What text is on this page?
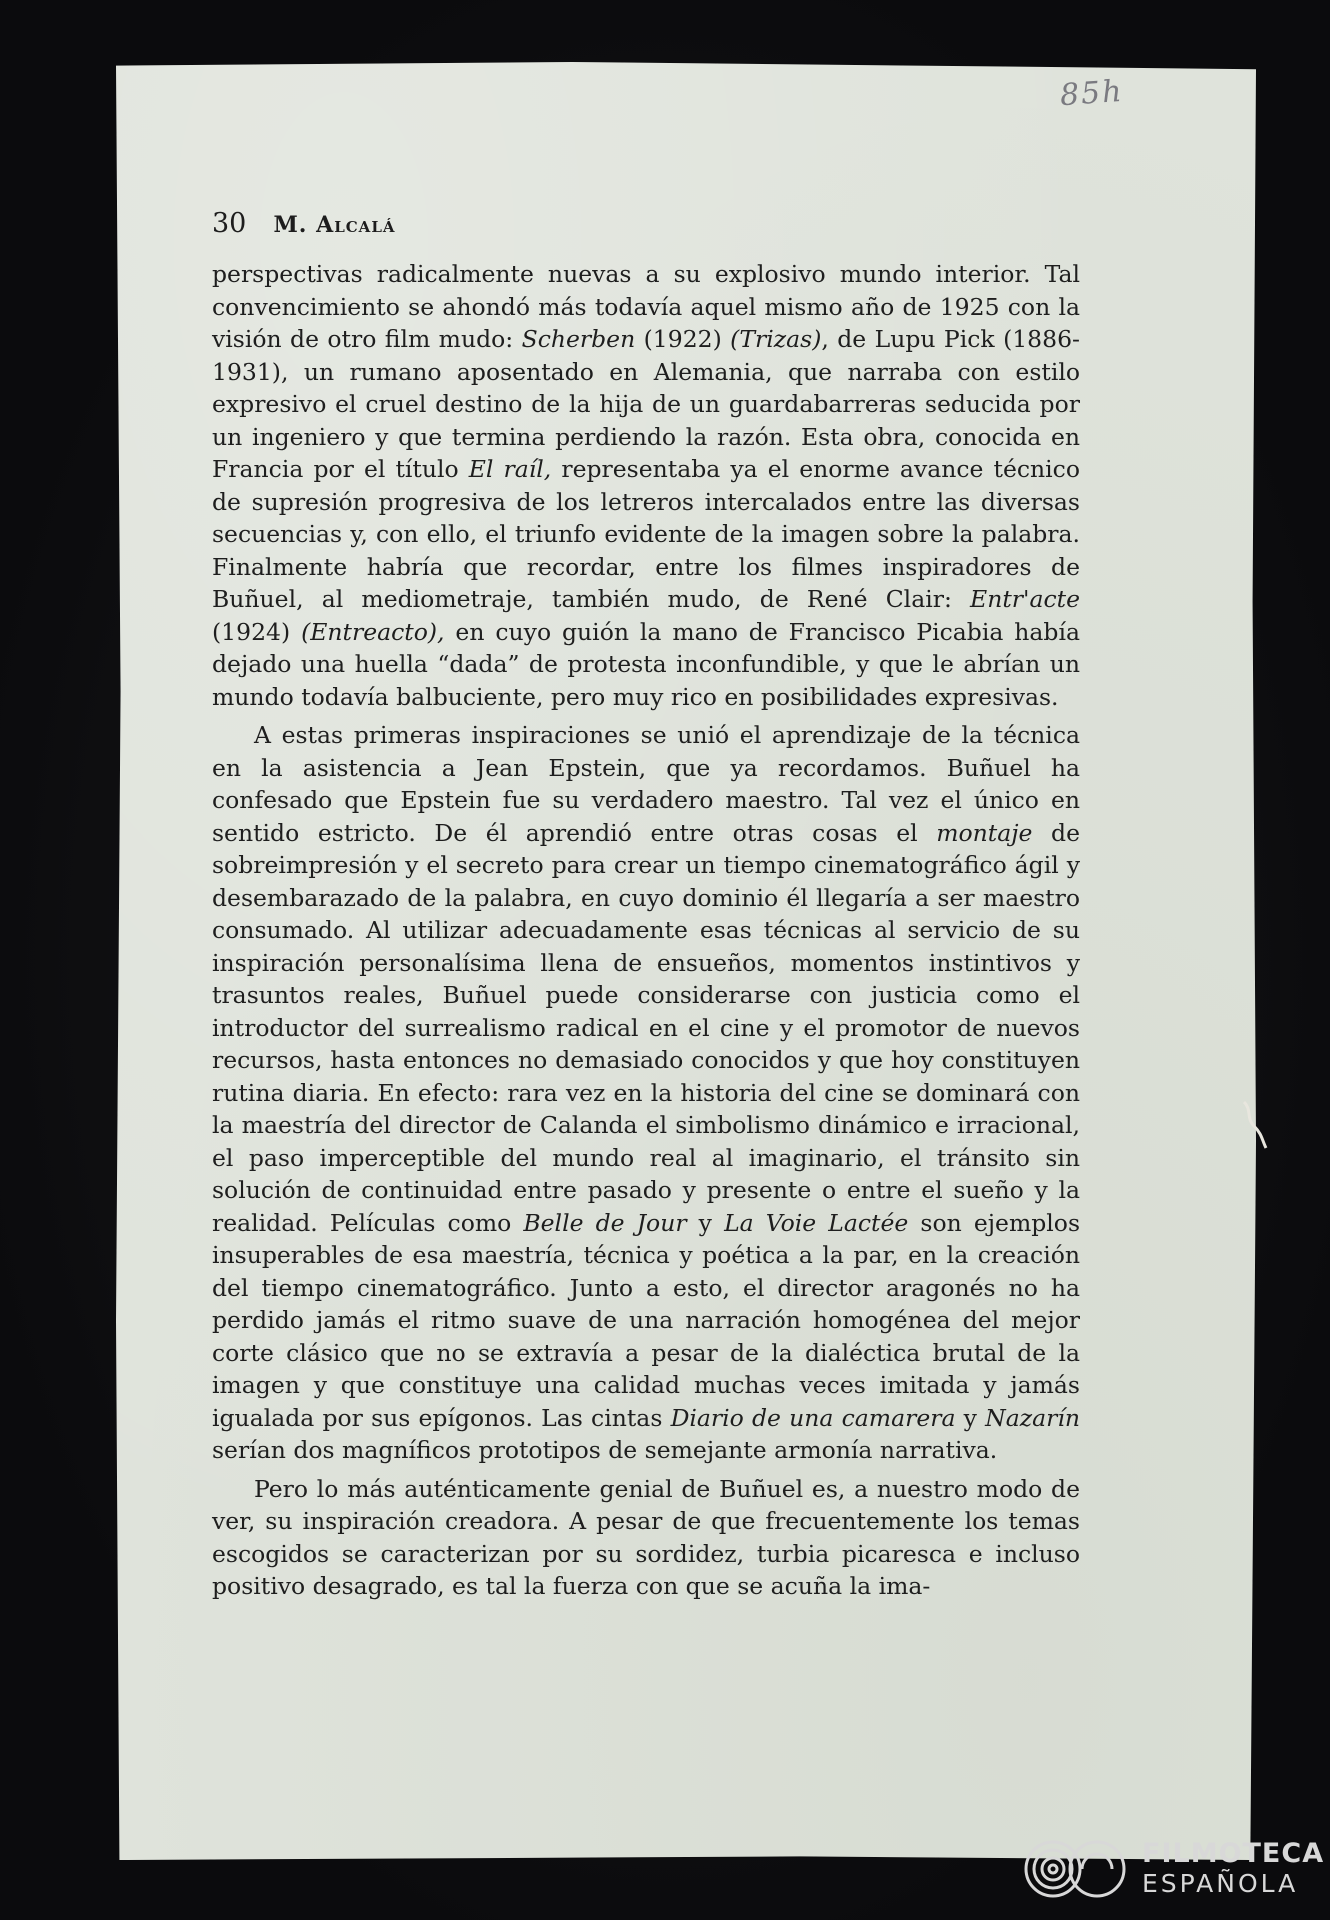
85h
30 M. Alcalá

perspectivas radicalmente nuevas a su explosivo mundo interior. Tal convencimiento se ahondó más todavía aquel mismo año de 1925 con la visión de otro film mudo: Scherben (1922) (Trizas), de Lupu Pick (1886-1931), un rumano aposentado en Alemania, que narraba con estilo expresivo el cruel destino de la hija de un guardabarreras seducida por un ingeniero y que termina perdiendo la razón. Esta obra, conocida en Francia por el título El raíl, representaba ya el enorme avance técnico de supresión progresiva de los letreros intercalados entre las diversas secuencias y, con ello, el triunfo evidente de la imagen sobre la palabra. Finalmente habría que recordar, entre los filmes inspiradores de Buñuel, al mediometraje, también mudo, de René Clair: Entr'acte (1924) (Entreacto), en cuyo guión la mano de Francisco Picabia había dejado una huella “dada” de protesta inconfundible, y que le abrían un mundo todavía balbuciente, pero muy rico en posibilidades expresivas.

A estas primeras inspiraciones se unió el aprendizaje de la técnica en la asistencia a Jean Epstein, que ya recordamos. Buñuel ha confesado que Epstein fue su verdadero maestro. Tal vez el único en sentido estricto. De él aprendió entre otras cosas el montaje de sobreimpresión y el secreto para crear un tiempo cinematográfico ágil y desembarazado de la palabra, en cuyo dominio él llegaría a ser maestro consumado. Al utilizar adecuadamente esas técnicas al servicio de su inspiración personalísima llena de ensueños, momentos instintivos y trasuntos reales, Buñuel puede considerarse con justicia como el introductor del surrealismo radical en el cine y el promotor de nuevos recursos, hasta entonces no demasiado conocidos y que hoy constituyen rutina diaria. En efecto: rara vez en la historia del cine se dominará con la maestría del director de Calanda el simbolismo dinámico e irracional, el paso imperceptible del mundo real al imaginario, el tránsito sin solución de continuidad entre pasado y presente o entre el sueño y la realidad. Películas como Belle de Jour y La Voie Lactée son ejemplos insuperables de esa maestría, técnica y poética a la par, en la creación del tiempo cinematográfico. Junto a esto, el director aragonés no ha perdido jamás el ritmo suave de una narración homogénea del mejor corte clásico que no se extravía a pesar de la dialéctica brutal de la imagen y que constituye una calidad muchas veces imitada y jamás igualada por sus epígonos. Las cintas Diario de una camarera y Nazarín serían dos magníficos prototipos de semejante armonía narrativa.

Pero lo más auténticamente genial de Buñuel es, a nuestro modo de ver, su inspiración creadora. A pesar de que frecuentemente los temas escogidos se caracterizan por su sordidez, turbia picaresca e incluso positivo desagrado, es tal la fuerza con que se acuña la ima-

FILMOTECA
ESPAÑOLA
